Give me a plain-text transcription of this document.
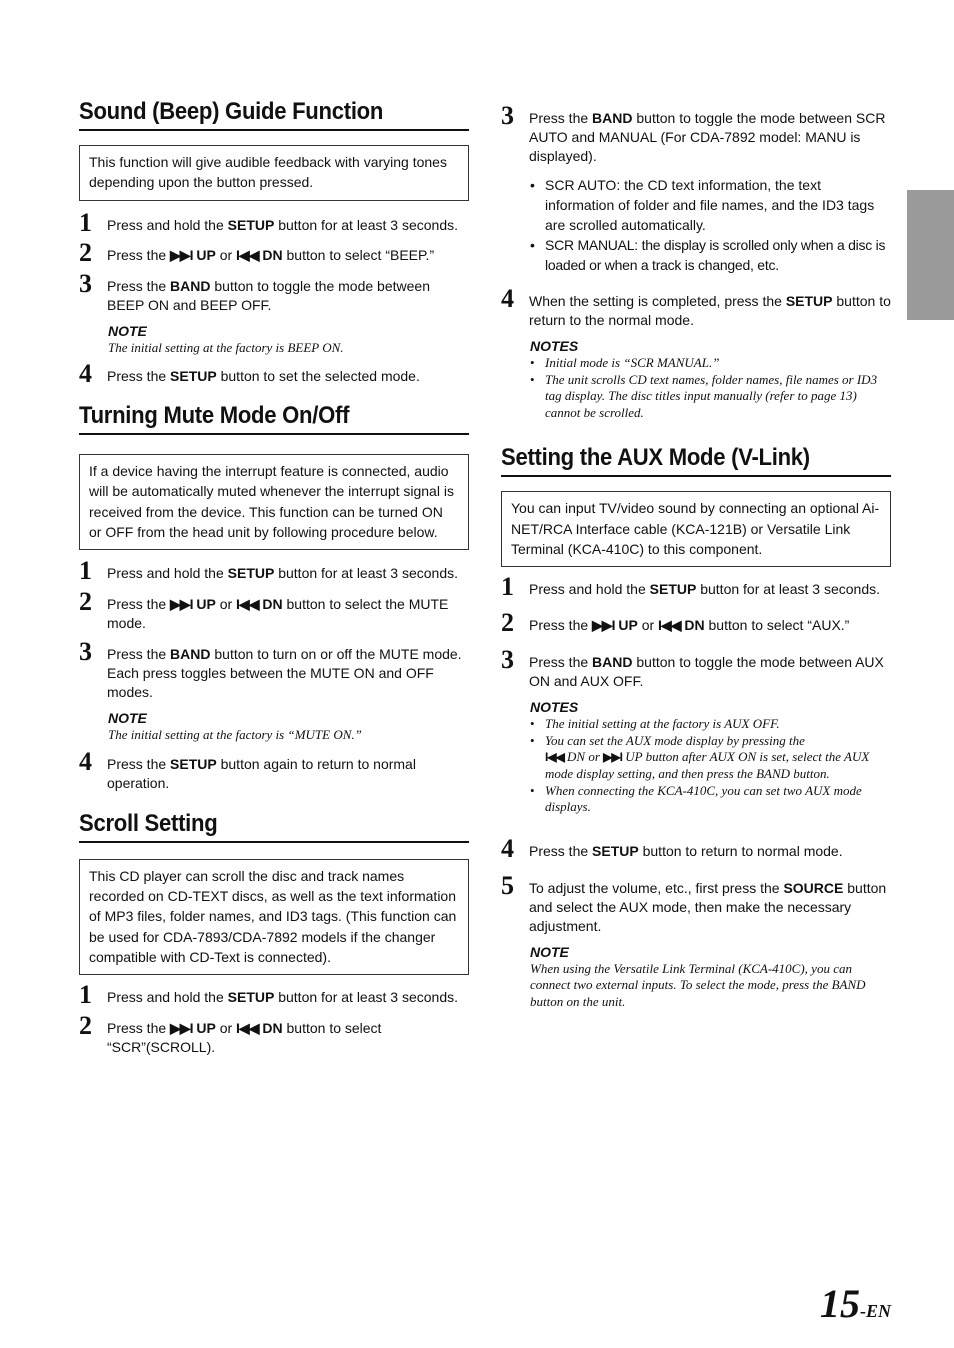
Sound (Beep) Guide Function
This function will give audible feedback with varying tones depending upon the button pressed.
1 Press and hold the SETUP button for at least 3 seconds.
2 Press the ▶▶I UP or I◀◀ DN button to select “BEEP.”
3 Press the BAND button to toggle the mode between BEEP ON and BEEP OFF.
NOTE
The initial setting at the factory is BEEP ON.
4 Press the SETUP button to set the selected mode.
Turning Mute Mode On/Off
If a device having the interrupt feature is connected, audio will be automatically muted whenever the interrupt signal is received from the device. This function can be turned ON or OFF from the head unit by following procedure below.
1 Press and hold the SETUP button for at least 3 seconds.
2 Press the ▶▶I UP or I◀◀ DN button to select the MUTE mode.
3 Press the BAND button to turn on or off the MUTE mode.
Each press toggles between the MUTE ON and OFF modes.
NOTE
The initial setting at the factory is “MUTE ON.”
4 Press the SETUP button again to return to normal operation.
Scroll Setting
This CD player can scroll the disc and track names recorded on CD-TEXT discs, as well as the text information of MP3 files, folder names, and ID3 tags. (This function can be used for CDA-7893/CDA-7892 models if the changer compatible with CD-Text is connected).
1 Press and hold the SETUP button for at least 3 seconds.
2 Press the ▶▶I UP or I◀◀ DN button to select “SCR”(SCROLL).
3 Press the BAND button to toggle the mode between SCR AUTO and MANUAL (For CDA-7892 model: MANU is displayed).
• SCR AUTO: the CD text information, the text information of folder and file names, and the ID3 tags are scrolled automatically.
• SCR MANUAL: the display is scrolled only when a disc is loaded or when a track is changed, etc.
4 When the setting is completed, press the SETUP button to return to the normal mode.
NOTES
• Initial mode is “SCR MANUAL.”
• The unit scrolls CD text names, folder names, file names or ID3 tag display. The disc titles input manually (refer to page 13) cannot be scrolled.
Setting the AUX Mode (V-Link)
You can input TV/video sound by connecting an optional Ai-NET/RCA Interface cable (KCA-121B) or Versatile Link Terminal (KCA-410C) to this component.
1 Press and hold the SETUP button for at least 3 seconds.
2 Press the ▶▶I UP or I◀◀ DN button to select “AUX.”
3 Press the BAND button to toggle the mode between AUX ON and AUX OFF.
NOTES
• The initial setting at the factory is AUX OFF.
• You can set the AUX mode display by pressing the
I◀◀ DN or ▶▶I UP button after AUX ON is set, select the AUX mode display setting, and then press the BAND button.
• When connecting the KCA-410C, you can set two AUX mode displays.
4 Press the SETUP button to return to normal mode.
5 To adjust the volume, etc., first press the SOURCE button and select the AUX mode, then make the necessary adjustment.
NOTE
When using the Versatile Link Terminal (KCA-410C), you can connect two external inputs. To select the mode, press the BAND button on the unit.
15-EN
